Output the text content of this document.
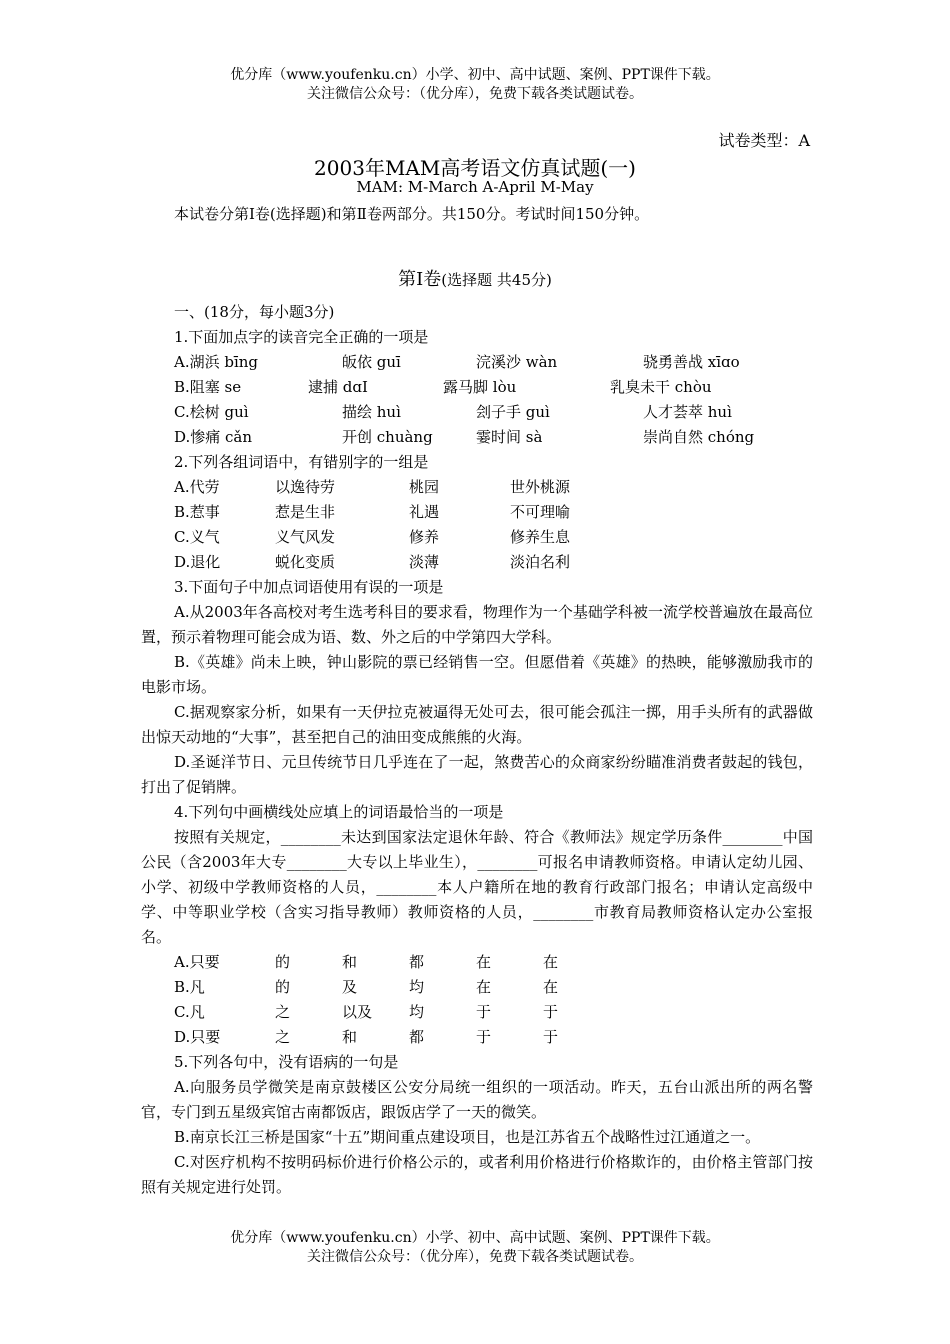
优分库（www.youfenku.cn）小学、初中、高中试题、案例、PPT课件下载。
关注微信公众号：（优分库），免费下载各类试题试卷。
试卷类型：A
2003年MAM高考语文仿真试题(一)
MAM: M-March A-April M-May
本试卷分第Ⅰ卷(选择题)和第Ⅱ卷两部分。共150分。考试时间150分钟。
第Ⅰ卷(选择题 共45分)
一、(18分，每小题3分)
1.下面加点字的读音完全正确的一项是
A.湖浜 bīng	皈依 guī	浣溪沙 wàn	骁勇善战 xīɑo
B.阻塞 se	逮捕 dɑI	露马脚 lòu	乳臭未干 chòu
C.桧树 guì	描绘 huì	刽子手 guì	人才荟萃 huì
D.惨痛 cǎn	开创 chuàng	霎时间 sà	崇尚自然 chóng
2.下列各组词语中，有错别字的一组是
A.代劳	以逸待劳	桃园	世外桃源
B.惹事	惹是生非	礼遇	不可理喻
C.义气	义气风发	修养	修养生息
D.退化	蜕化变质	淡薄	淡泊名利
3.下面句子中加点词语使用有误的一项是
A.从2003年各高校对考生选考科目的要求看，物理作为一个基础学科被一流学校普遍放在最高位置，预示着物理可能会成为语、数、外之后的中学第四大学科。
B.《英雄》尚未上映，钟山影院的票已经销售一空。但愿借着《英雄》的热映，能够激励我市的电影市场。
C.据观察家分析，如果有一天伊拉克被逼得无处可去，很可能会孤注一掷，用手头所有的武器做出惊天动地的“大事”，甚至把自己的油田变成熊熊的火海。
D.圣诞洋节日、元旦传统节日几乎连在了一起，煞费苦心的众商家纷纷瞄准消费者鼓起的钱包，打出了促销牌。
4.下列句中画横线处应填上的词语最恰当的一项是
按照有关规定，________未达到国家法定退休年龄、符合《教师法》规定学历条件________中国公民（含2003年大专________大专以上毕业生），________可报名申请教师资格。申请认定幼儿园、小学、初级中学教师资格的人员，________本人户籍所在地的教育行政部门报名；申请认定高级中学、中等职业学校（含实习指导教师）教师资格的人员，________市教育局教师资格认定办公室报名。
A.只要	的	和	都	在	在
B.凡	的	及	均	在	在
C.凡	之	以及 均	于	于
D.只要	之	和	都	于	于
5.下列各句中，没有语病的一句是
A.向服务员学微笑是南京鼓楼区公安分局统一组织的一项活动。昨天，五台山派出所的两名警官，专门到五星级宾馆古南都饭店，跟饭店学了一天的微笑。
B.南京长江三桥是国家“十五”期间重点建设项目，也是江苏省五个战略性过江通道之一。
C.对医疗机构不按明码标价进行价格公示的，或者利用价格进行价格欺诈的，由价格主管部门按照有关规定进行处罚。
优分库（www.youfenku.cn）小学、初中、高中试题、案例、PPT课件下载。
关注微信公众号：（优分库），免费下载各类试题试卷。
